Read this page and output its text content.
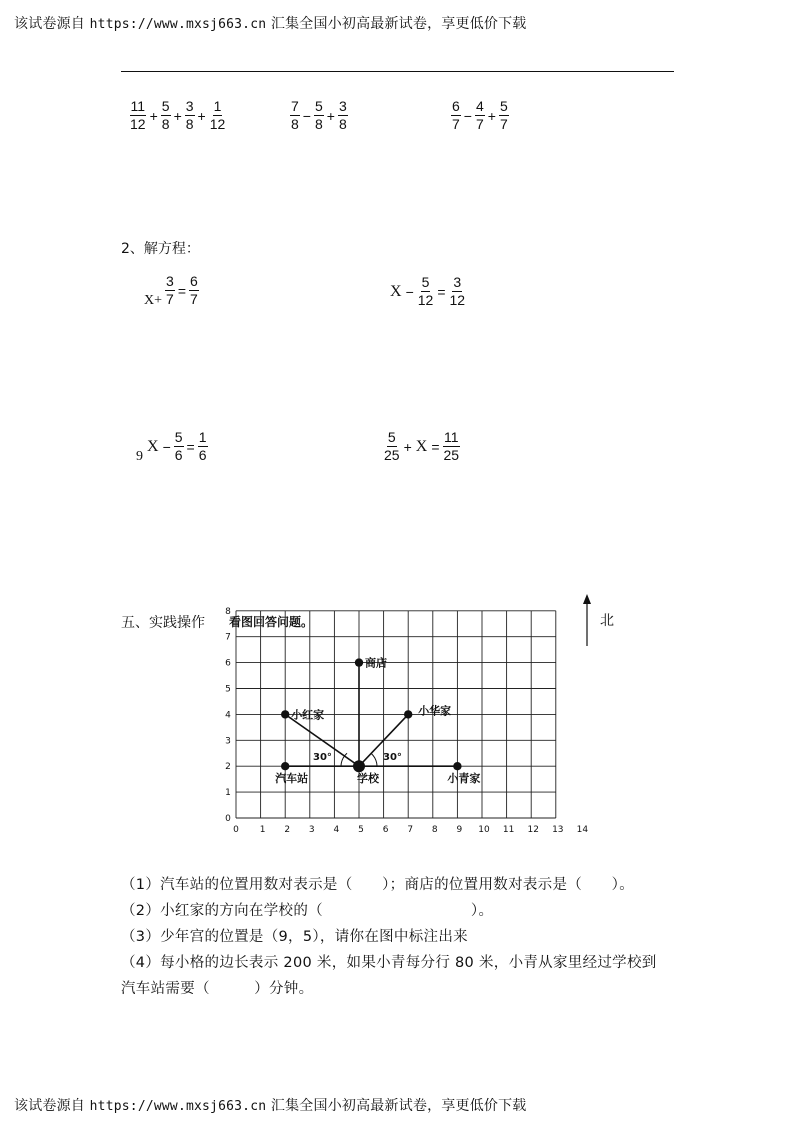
该试卷源自 https://www.mxsj663.cn 汇集全国小初高最新试卷，享更低价下载
$\frac{11}{12} + \frac{5}{8} + \frac{3}{8} + \frac{1}{12}$	$\frac{7}{8} - \frac{5}{8} + \frac{3}{8}$	$\frac{6}{7} - \frac{4}{7} + \frac{5}{7}$
2、解方程：
$X+ \frac{3}{7} = \frac{6}{7}$	$X - \frac{5}{12} = \frac{3}{12}$
9
$X - \frac{5}{6} = \frac{1}{6}$	$\frac{5}{25} + X = \frac{11}{25}$
五、实践操作 看图回答问题。	北
0 1 2 3 4 5 6 7 8 9 10 11 12 13 14
0
1
2
3
4
5
6
7
8
30°	30°
商店
小红家	小华家
汽车站	学校	小青家
（1）汽车站的位置用数对表示是（　　）；商店的位置用数对表示是（　　）。
（2）小红家的方向在学校的（　　　　　　　　　　）。
（3）少年宫的位置是（9，5），请你在图中标注出来
（4）每小格的边长表示 200 米，如果小青每分行 80 米，小青从家里经过学校到
汽车站需要（　　　）分钟。
该试卷源自 https://www.mxsj663.cn 汇集全国小初高最新试卷，享更低价下载
